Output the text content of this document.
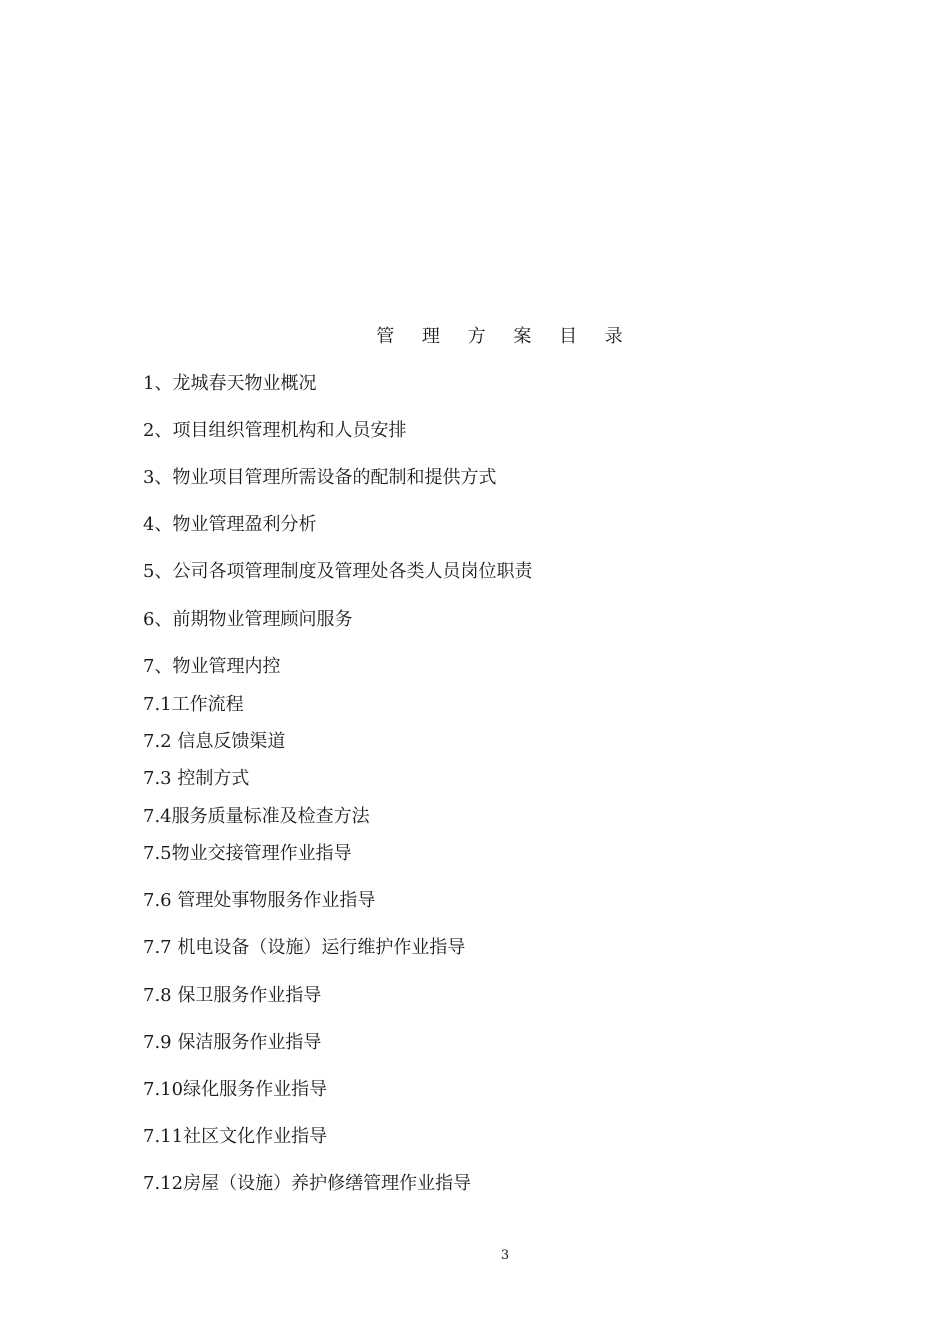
管 理 方 案 目 录
1、龙城春天物业概况
2、项目组织管理机构和人员安排
3、物业项目管理所需设备的配制和提供方式
4、物业管理盈利分析
5、公司各项管理制度及管理处各类人员岗位职责
6、前期物业管理顾问服务
7、物业管理内控
7.1工作流程
7.2 信息反馈渠道
7.3 控制方式
7.4服务质量标准及检查方法
7.5物业交接管理作业指导
7.6 管理处事物服务作业指导
7.7 机电设备（设施）运行维护作业指导
7.8 保卫服务作业指导
7.9 保洁服务作业指导
7.10绿化服务作业指导
7.11社区文化作业指导
7.12房屋（设施）养护修缮管理作业指导
3
